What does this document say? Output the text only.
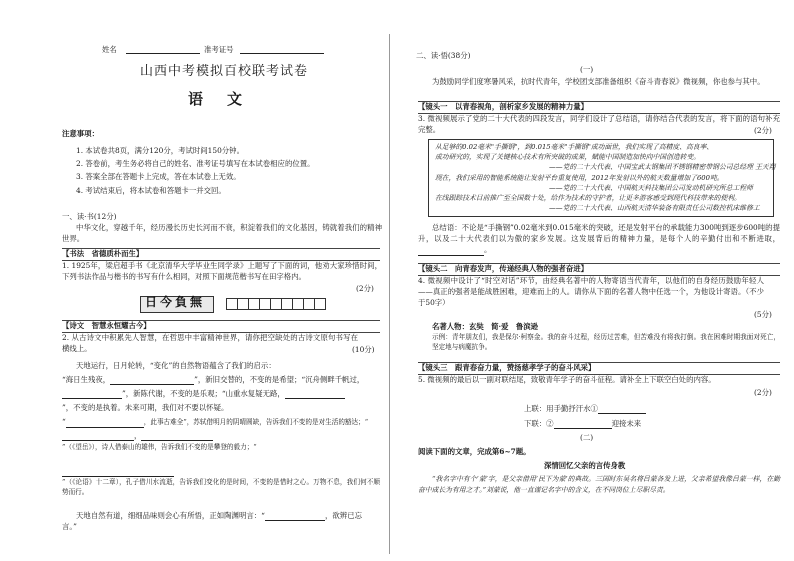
姓名	准考证号
山西中考模拟百校联考试卷
语文
注意事项：
1. 本试卷共8页，满分120分，考试时间150分钟。
2. 答卷前，考生务必将自己的姓名、准考证号填写在本试卷相应的位置。
3. 答案全部在答题卡上完成，答在本试卷上无效。
4. 考试结束后，将本试卷和答题卡一并交回。
一、读·书(12分)
中华文化，穿越千年，经历漫长历史长河而不衰，积淀着我们的文化基因，铸就着我们的精神世界。
【书法　省德质朴而生】
1. 1925年，梁启超手书《北京清华大学毕业生同学录》上题写了下面的词，他劝大家珍惜时间，下列书法作品与楷书的书写有什么相同，对照下面规范楷书写在田字格内。
(2分)
日今負無
【诗文　智慧永恒耀古今】
2. 从古诗文中积累先人智慧，在哲思中丰富精神世界，请你把空缺处的古诗文原句书写在横线上。	(10分)
天地运行，日月轮转，“变化”的自然物语蕴含了我们的启示：
“海日生残夜，	”，新旧交替的，不变的是希望；“沉舟侧畔千帆过，
”，新陈代谢，不变的是乐观；“山重水复疑无路，
”，不变的是执着。未来可期，我们对不要以怀疑。
“	，此事古难全”，苏轼借明月的阴晴圆缺，告诉我们不变的是对生活的豁达；“
，
”（《望岳》），诗人借泰山的雄伟，告诉我们不变的是攀登的毅力；“
”（《论语》十二章），孔子借川水流逝，告诉我们变化的是时间，不变的是惜时之心。万物不息，我们何不顺势而行。
天地自然有道，细细品味则会心有所悟，正如陶渊明言：“	，欲辨已忘言。”
二、读·悟(38分)
(一)
为鼓励同学们度寒暑风采，抗时代青年，学校团支部准备组织《奋斗青春说》微视频，你也参与其中。
【镜头一　以青春视角，剖析家乡发展的精神力量】
3. 微视频展示了党的二十大代表的四段发言，同学们设计了总结语，请你结合代表的发言，将下面的语句补充完整。	(2分)
从足够的0.02毫米"手撕钢"，到0.015毫米"手撕钢"成功面世，我们实现了高精度、高良率、
成功研究的，实现了关键核心技术有所突破的成果，赋能中国制造加快向中国创造转变。
——党的二十大代表、中国宝武太钢集团不锈钢精密带钢公司总经理 王天翔
现在，我们采用的智能系统能让发射平台重复使用，2012年发射以外的航天数量增加了600吨。
——党的二十大代表、中国航天科技集团公司发动机研究所总工程师
在线跟踪技术目前推广至全国数十处，给作为技术的守护者，让更多游客感受到现代科技带来的便利。
——党的二十大代表、山西航天清华装备有限责任公司数控机床维修工
总结语：不论是“手撕钢”0.02毫米到0.015毫米的突破，还是发射平台的承载能力300吨到逐步600吨的提升，以及二十大代表们以为傲的家乡发展。这发展背后的精神力量，是每个人的辛勤付出和不断进取，。
【镜头二　向青春发声，传递经典人物的强者奋进】
4. 微视频中设计了“时空对话”环节，由经典名著中的人物寄语当代青年，以他们的自身经历鼓励年轻人——真正的强者是能战胜困难，迎难而上的人。请你从下面的名著人物中任选一个，为他设计寄语。（不少于50字）
(5分)
名著人物：玄奘　简·爱　鲁滨逊
示例：青年朋友们，我是保尔·柯察金。我的奋斗过程，经历过苦难，但苦难没有将我打倒。我在困难时期我面对死亡，坚定地与病魔抗争。
【镜头三　跟青春奋力量，赞扬慈孝学子的奋斗风采】
5. 微视频的最后以一副对联结尾，致敬青年学子的奋斗征程。请补全上下联空白处的内容。
(2分)
上联：用手勤抒汗水①
下联：②	迎接未来
(二)
阅读下面的文章，完成第6~7题。
深情回忆父亲的言传身教
“我名字中有个‘蒙’字，是父亲借用‘民下为蒙’的典故。三国时东吴名将吕蒙各发上进，父亲希望我像吕蒙一样，在勤奋中成长为有用之才。”刘蒙说，他一直谨记名字中的含义，在不同岗位上尽职尽责。
